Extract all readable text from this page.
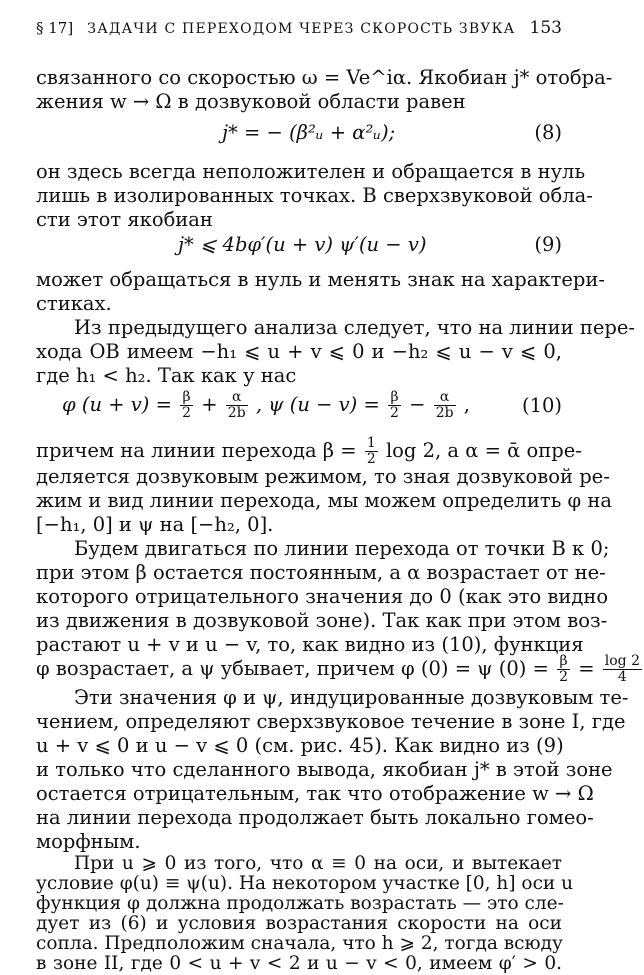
§ 17] ЗАДАЧИ С ПЕРЕХОДОМ ЧЕРЕЗ СКОРОСТЬ ЗВУКА 153
связанного со скоростью ω = Ve^iα. Якобиан j* отобра-
жения w → Ω в дозвуковой области равен
j* = − (β²ᵤ + α²ᵤ);	(8)
он здесь всегда неположителен и обращается в нуль
лишь в изолированных точках. В сверхзвуковой обла-
сти этот якобиан
j* ⩽ 4bφ′(u + v) ψ′(u − v)	(9)
может обращаться в нуль и менять знак на характери-
стиках.
Из предыдущего анализа следует, что на линии пере-
хода OB имеем −h₁ ⩽ u + v ⩽ 0 и −h₂ ⩽ u − v ⩽ 0,
где h₁ < h₂. Так как у нас
φ $(u + v) = \frac{\beta}{2} + \frac{\alpha}{2b}$ , ψ $(u - v) = \frac{\beta}{2} - \frac{\alpha}{2b}$ ,	(10)
причем на линии перехода $\beta = \frac{1}{2}$ log 2, а α = ᾱ опре-
деляется дозвуковым режимом, то зная дозвуковой ре-
жим и вид линии перехода, мы можем определить φ на
[−h₁, 0] и ψ на [−h₂, 0].
Будем двигаться по линии перехода от точки B к 0;
при этом β остается постоянным, а α возрастает от не-
которого отрицательного значения до 0 (как это видно
из движения в дозвуковой зоне). Так как при этом воз-
растают u + v и u − v, то, как видно из (10), функция
φ возрастает, а ψ убывает, причем φ (0) = ψ $(0) = \frac{\beta}{2} = \frac{\log 2}{4}$
Эти значения φ и ψ, индуцированные дозвуковым те-
чением, определяют сверхзвуковое течение в зоне I, где
u + v ⩽ 0 и u − v ⩽ 0 (см. рис. 45). Как видно из (9)
и только что сделанного вывода, якобиан j* в этой зоне
остается отрицательным, так что отображение w → Ω
на линии перехода продолжает быть локально гомео-
морфным.
При u ⩾ 0 из того, что α ≡ 0 на оси, и вытекает
условие φ(u) ≡ ψ(u). На некотором участке [0, h] оси u
функция φ должна продолжать возрастать — это сле-
дует из (6) и условия возрастания скорости на оси
сопла. Предположим сначала, что h ⩾ 2, тогда всюду
в зоне II, где 0 < u + v < 2 и u − v < 0, имеем φ′ > 0.
